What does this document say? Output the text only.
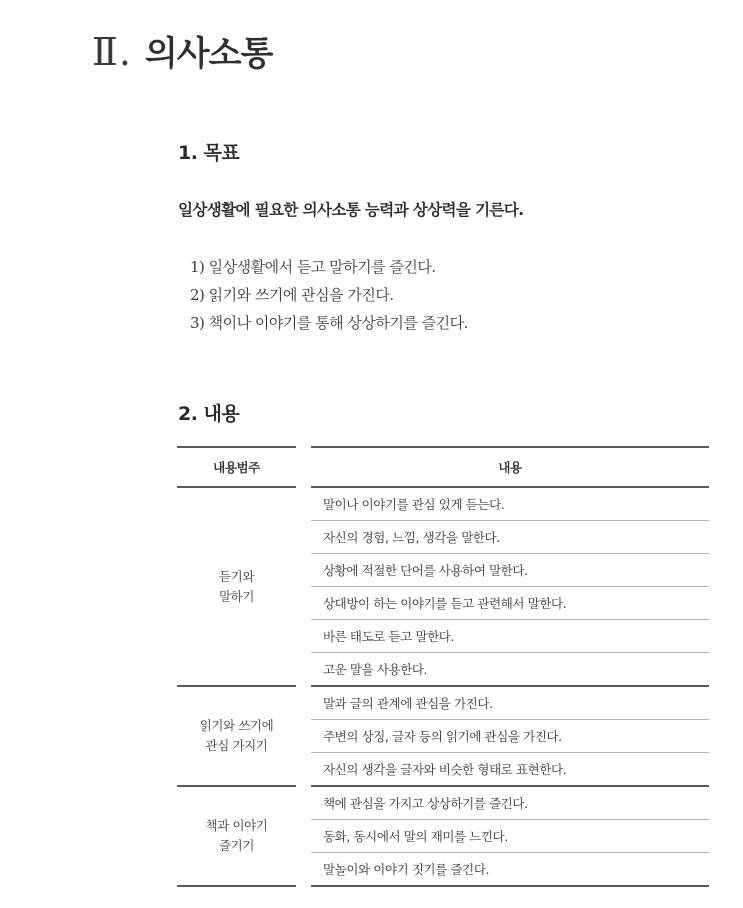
Ⅱ . 의사소통
1. 목표

일상생활에 필요한 의사소통 능력과 상상력을 기른다.

1) 일상생활에서 듣고 말하기를 즐긴다.
2) 읽기와 쓰기에 관심을 가진다.
3) 책이나 이야기를 통해 상상하기를 즐긴다.
2. 내용
내용범주		내용

듣기와
말하기		말이나 이야기를 관심 있게 듣는다.
		자신의 경험, 느낌, 생각을 말한다.
		상황에 적절한 단어를 사용하여 말한다.
		상대방이 하는 이야기를 듣고 관련해서 말한다.
		바른 태도로 듣고 말한다.
		고운 말을 사용한다.

읽기와 쓰기에
관심 가지기		말과 글의 관계에 관심을 가진다.
		주변의 상징, 글자 등의 읽기에 관심을 가진다.
		자신의 생각을 글자와 비슷한 형태로 표현한다.

책과 이야기
즐기기		책에 관심을 가지고 상상하기를 즐긴다.
		동화, 동시에서 말의 재미를 느낀다.
		말놀이와 이야기 짓기를 즐긴다.
